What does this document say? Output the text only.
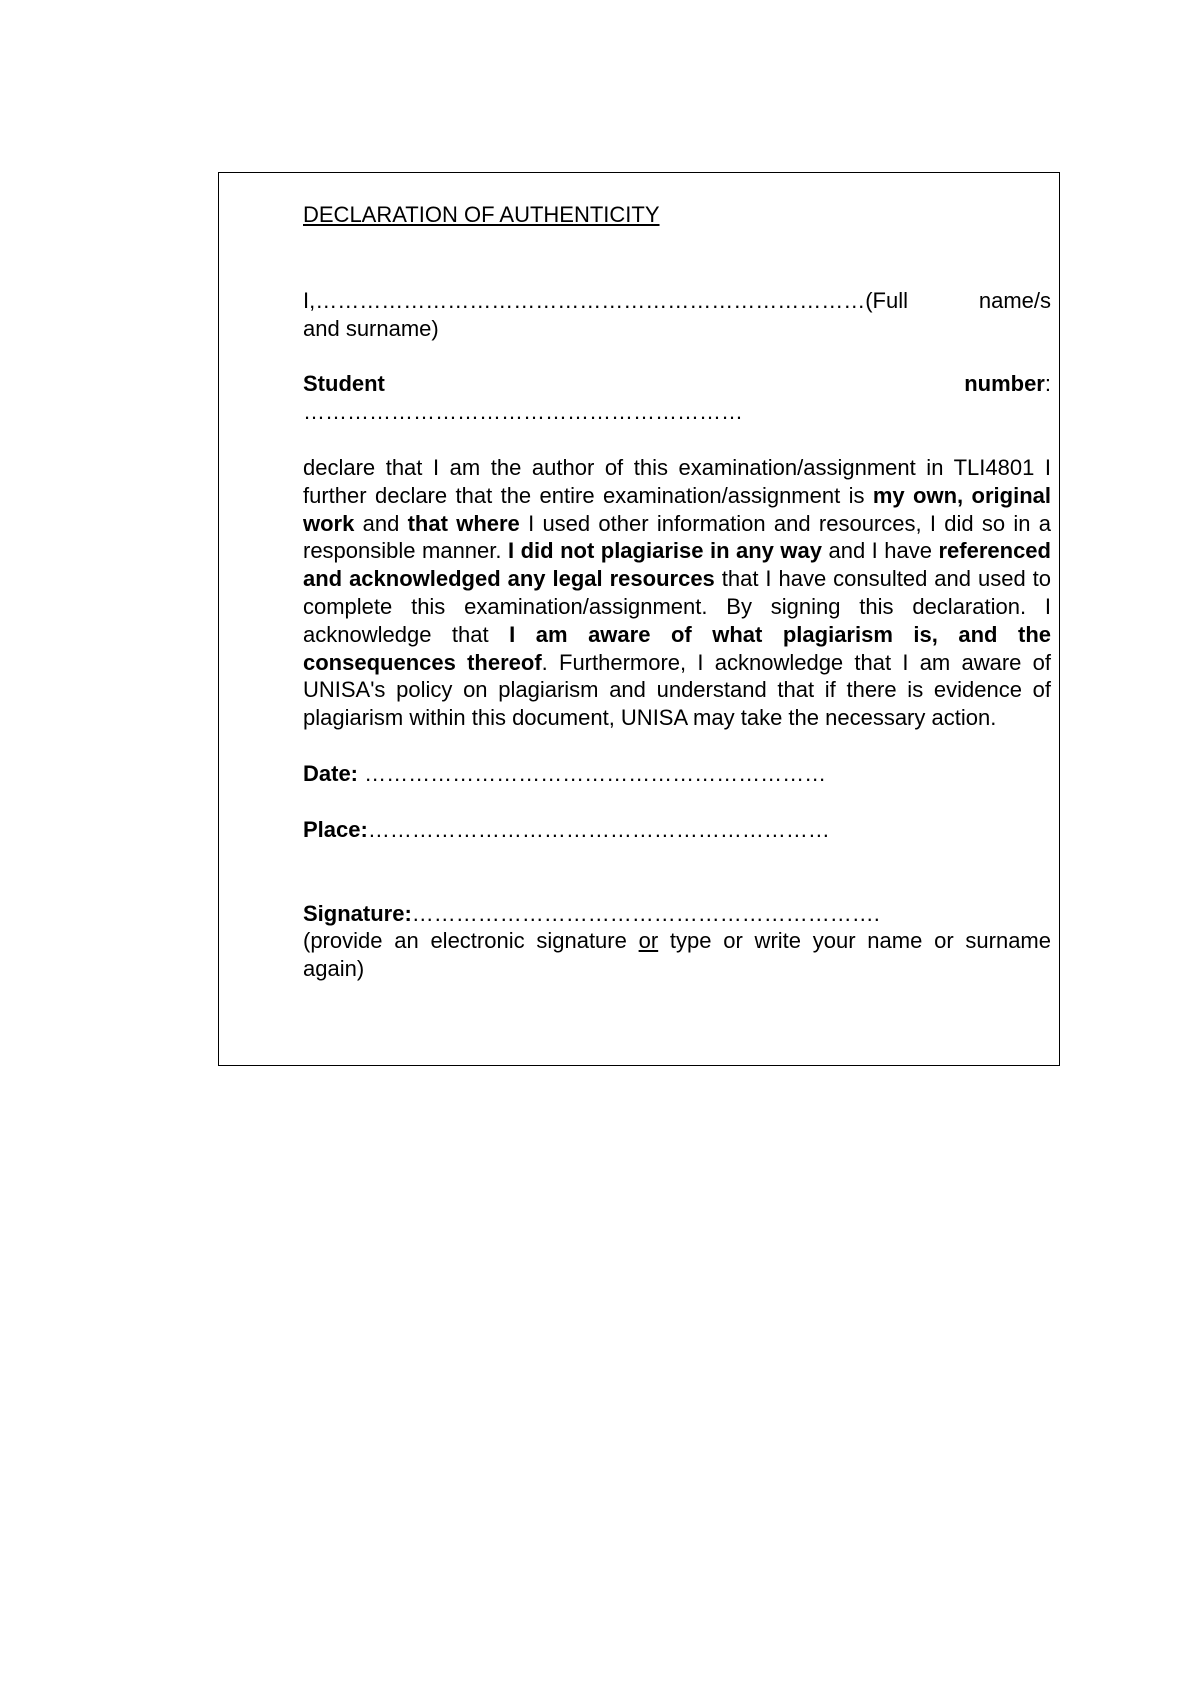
DECLARATION OF AUTHENTICITY

I,…………………………………………………………………(Full	name/s

and surname)

Student	number:

……………………………………………………

declare that I am the author of this examination/assignment in TLI4801 I further declare that the entire examination/assignment is my own, original work and that where I used other information and resources, I did so in a responsible manner. I did not plagiarise in any way and I have referenced and acknowledged any legal resources that I have consulted and used to complete this examination/assignment. By signing this declaration. I acknowledge that I am aware of what plagiarism is, and the consequences thereof. Furthermore, I acknowledge that I am aware of UNISA's policy on plagiarism and understand that if there is evidence of plagiarism within this document, UNISA may take the necessary action.

Date: ………………………………………………………

Place:………………………………………………………

Signature:……………………………………………………….

(provide an electronic signature or type or write your name or surname again)
